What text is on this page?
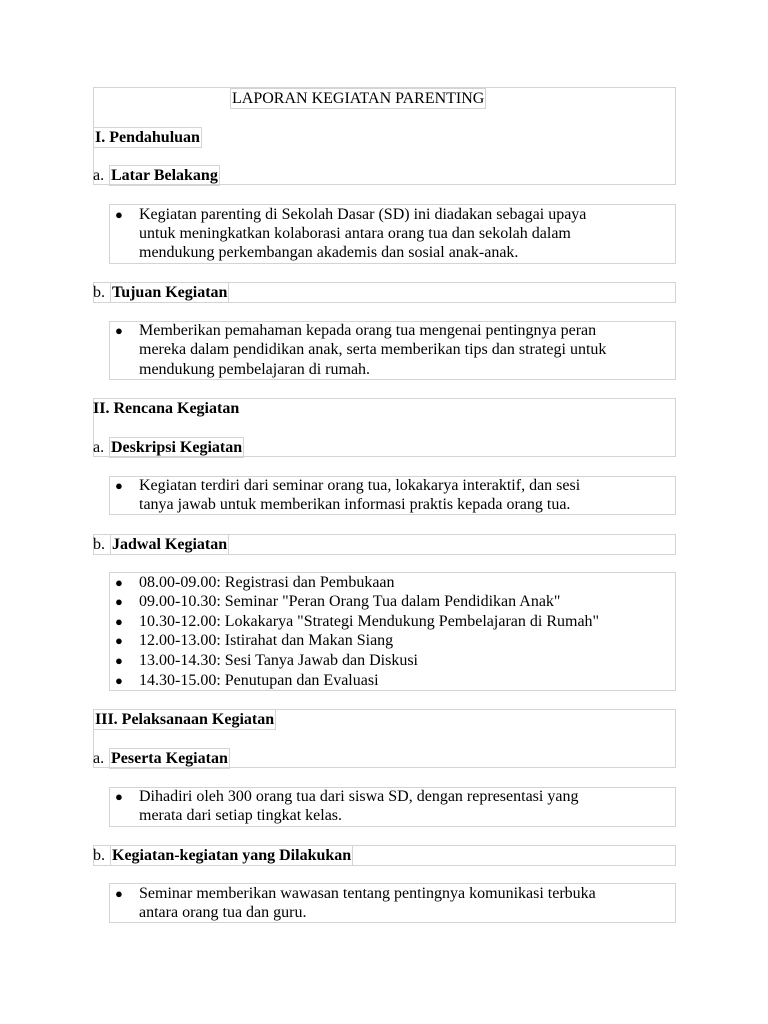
LAPORAN KEGIATAN PARENTING
I. Pendahuluan
a. Latar Belakang
● Kegiatan parenting di Sekolah Dasar (SD) ini diadakan sebagai upaya
untuk meningkatkan kolaborasi antara orang tua dan sekolah dalam
mendukung perkembangan akademis dan sosial anak-anak.
b. Tujuan Kegiatan
● Memberikan pemahaman kepada orang tua mengenai pentingnya peran
mereka dalam pendidikan anak, serta memberikan tips dan strategi untuk
mendukung pembelajaran di rumah.
II. Rencana Kegiatan
a. Deskripsi Kegiatan
● Kegiatan terdiri dari seminar orang tua, lokakarya interaktif, dan sesi
tanya jawab untuk memberikan informasi praktis kepada orang tua.
b. Jadwal Kegiatan
● 08.00-09.00: Registrasi dan Pembukaan
● 09.00-10.30: Seminar "Peran Orang Tua dalam Pendidikan Anak"
● 10.30-12.00: Lokakarya "Strategi Mendukung Pembelajaran di Rumah"
● 12.00-13.00: Istirahat dan Makan Siang
● 13.00-14.30: Sesi Tanya Jawab dan Diskusi
● 14.30-15.00: Penutupan dan Evaluasi
III. Pelaksanaan Kegiatan
a. Peserta Kegiatan
● Dihadiri oleh 300 orang tua dari siswa SD, dengan representasi yang
merata dari setiap tingkat kelas.
b. Kegiatan-kegiatan yang Dilakukan
● Seminar memberikan wawasan tentang pentingnya komunikasi terbuka
antara orang tua dan guru.
